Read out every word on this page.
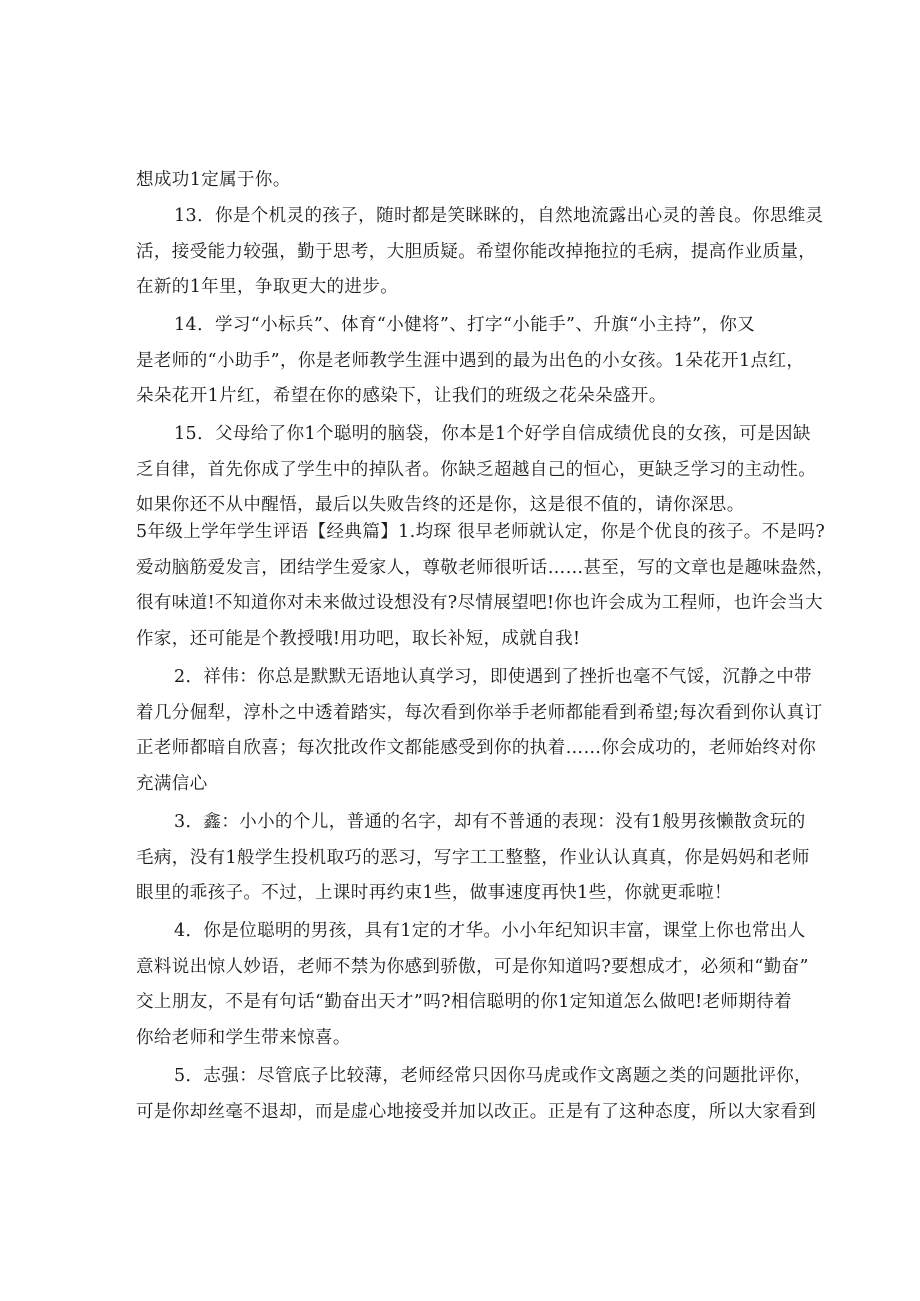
想成功1定属于你。

13．你是个机灵的孩子，随时都是笑眯眯的，自然地流露出心灵的善良。你思维灵
活，接受能力较强，勤于思考，大胆质疑。希望你能改掉拖拉的毛病，提高作业质量，
在新的1年里，争取更大的进步。

14．学习“小标兵”、体育“小健将”、打字“小能手”、升旗“小主持”，你又
是老师的“小助手”，你是老师教学生涯中遇到的最为出色的小女孩。1朵花开1点红，
朵朵花开1片红，希望在你的感染下，让我们的班级之花朵朵盛开。

15．父母给了你1个聪明的脑袋，你本是1个好学自信成绩优良的女孩，可是因缺
乏自律，首先你成了学生中的掉队者。你缺乏超越自己的恒心，更缺乏学习的主动性。
如果你还不从中醒悟，最后以失败告终的还是你，这是很不值的，请你深思。

5年级上学年学生评语【经典篇】1.均琛 很早老师就认定，你是个优良的孩子。不是吗?
爱动脑筋爱发言，团结学生爱家人，尊敬老师很听话……甚至，写的文章也是趣味盎然，
很有味道!不知道你对未来做过设想没有?尽情展望吧!你也许会成为工程师，也许会当大
作家，还可能是个教授哦!用功吧，取长补短，成就自我!

2．祥伟：你总是默默无语地认真学习，即使遇到了挫折也毫不气馁，沉静之中带
着几分倔犁，淳朴之中透着踏实，每次看到你举手老师都能看到希望;每次看到你认真订
正老师都暗自欣喜；每次批改作文都能感受到你的执着……你会成功的，老师始终对你
充满信心

3．鑫：小小的个儿，普通的名字，却有不普通的表现：没有1般男孩懒散贪玩的
毛病，没有1般学生投机取巧的恶习，写字工工整整，作业认认真真，你是妈妈和老师
眼里的乖孩子。不过，上课时再约束1些，做事速度再快1些，你就更乖啦！

4．你是位聪明的男孩，具有1定的才华。小小年纪知识丰富，课堂上你也常出人
意料说出惊人妙语，老师不禁为你感到骄傲，可是你知道吗?要想成才，必须和“勤奋”
交上朋友，不是有句话“勤奋出天才”吗?相信聪明的你1定知道怎么做吧!老师期待着
你给老师和学生带来惊喜。

5．志强：尽管底子比较薄，老师经常只因你马虎或作文离题之类的问题批评你，
可是你却丝毫不退却，而是虚心地接受并加以改正。正是有了这种态度，所以大家看到
